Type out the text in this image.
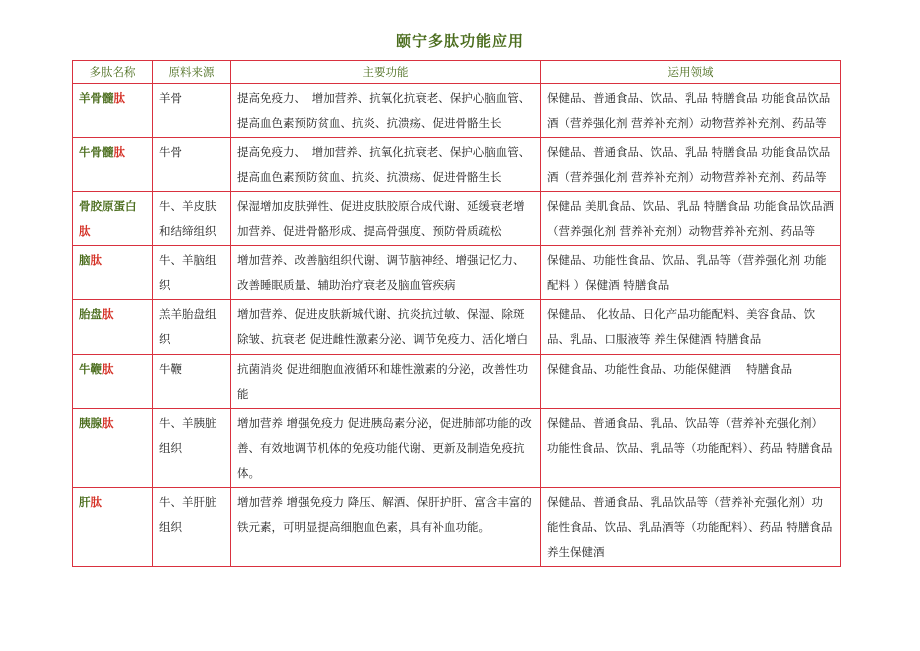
颐宁多肽功能应用
多肽名称	原料来源	主要功能	运用领域
羊骨髓肽	羊骨	提高免疫力、　增加营养、抗氧化抗衰老、保护心脑血管、提高血色素预防贫血、抗炎、抗溃疡、促进骨骼生长	保健品、普通食品、饮品、乳品 特膳食品 功能食品饮品酒（营养强化剂 营养补充剂）动物营养补充剂、药品等
牛骨髓肽	牛骨	提高免疫力、　增加营养、抗氧化抗衰老、保护心脑血管、提高血色素预防贫血、抗炎、抗溃疡、促进骨骼生长	保健品、普通食品、饮品、乳品 特膳食品 功能食品饮品酒（营养强化剂 营养补充剂）动物营养补充剂、药品等
骨胶原蛋白肽	牛、羊皮肤和结缔组织	保湿增加皮肤弹性、促进皮肤胶原合成代谢、延缓衰老增加营养、促进骨骼形成、提高骨强度、预防骨质疏松	保健品 美肌食品、饮品、乳品 特膳食品 功能食品饮品酒（营养强化剂 营养补充剂）动物营养补充剂、药品等
脑肽	牛、羊脑组织	增加营养、改善脑组织代谢、调节脑神经、增强记忆力、改善睡眠质量、辅助治疗衰老及脑血管疾病	保健品、功能性食品、饮品、乳品等（营养强化剂 功能配料 ）保健酒 特膳食品
胎盘肽	羔羊胎盘组织	增加营养、促进皮肤新城代谢、抗炎抗过敏、保湿、除斑除皱、抗衰老 促进雌性激素分泌、调节免疫力、活化增白	保健品、 化妆品、日化产品功能配料、美容食品、饮品、乳品、口服液等 养生保健酒 特膳食品
牛鞭肽	牛鞭	抗菌消炎 促进细胞血液循环和雄性激素的分泌，改善性功能	保健食品、功能性食品、功能保健酒　 特膳食品
胰腺肽	牛、羊胰脏组织	增加营养 增强免疫力 促进胰岛素分泌，促进肺部功能的改善、有效地调节机体的免疫功能代谢、更新及制造免疫抗体。	保健品、普通食品、乳品、饮品等（营养补充强化剂）功能性食品、饮品、乳品等（功能配料）、药品 特膳食品
肝肽	牛、羊肝脏组织	增加营养 增强免疫力 降压、解酒、保肝护肝、富含丰富的铁元素，可明显提高细胞血色素，具有补血功能。	保健品、普通食品、乳品饮品等（营养补充强化剂）功能性食品、饮品、乳品酒等（功能配料）、药品 特膳食品养生保健酒
